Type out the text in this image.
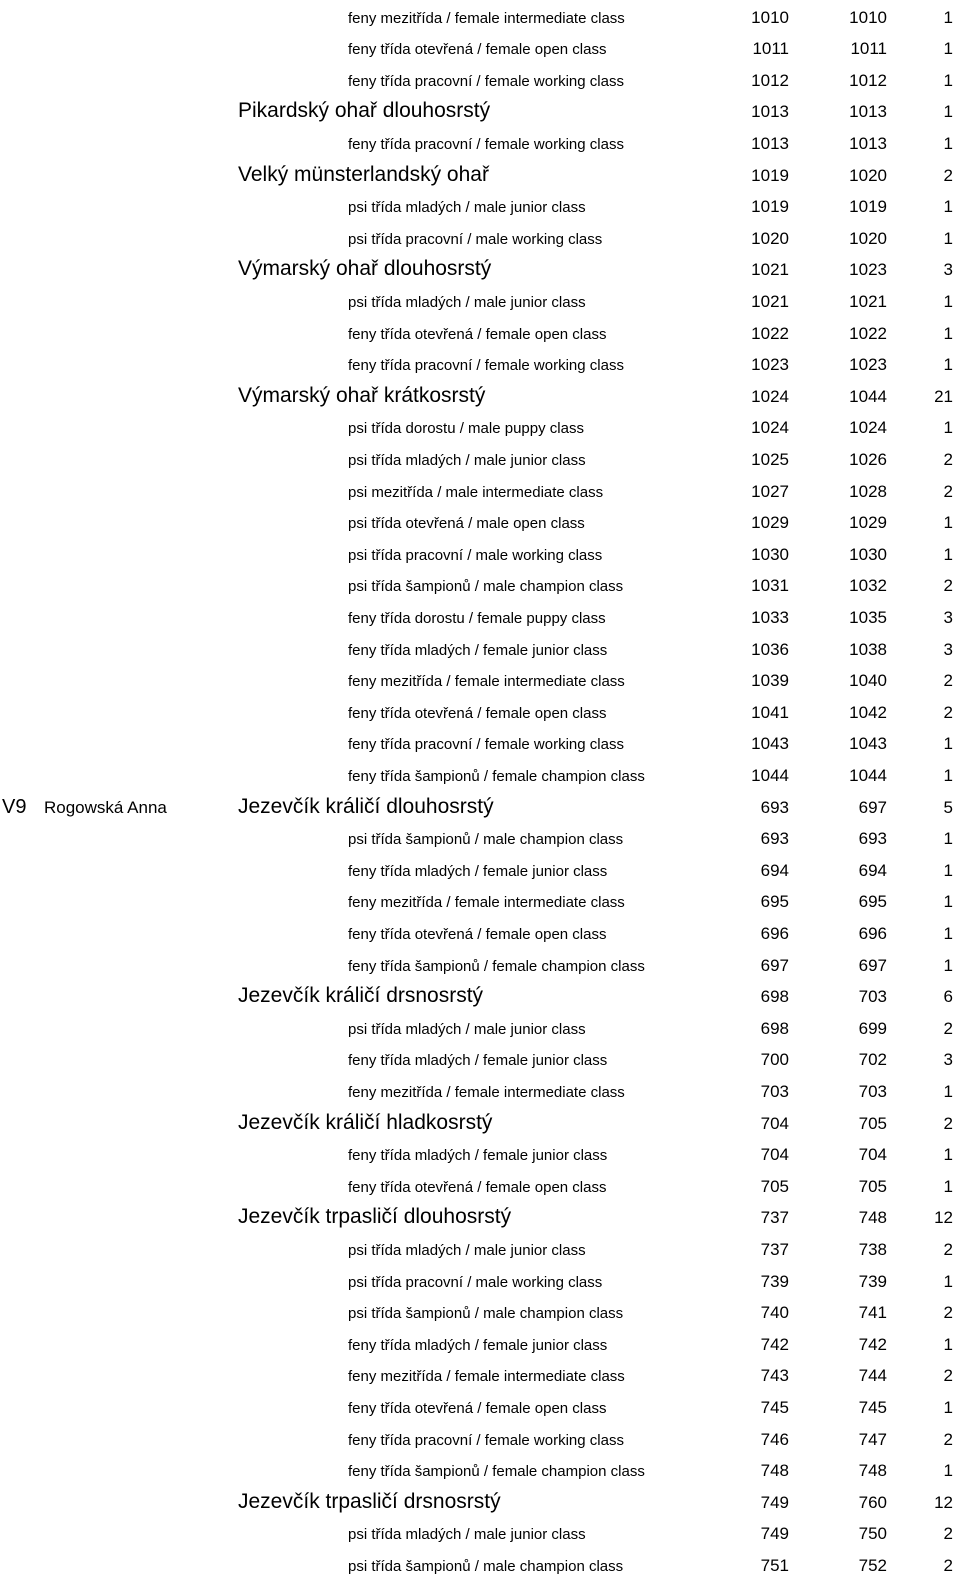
feny mezitřída / female intermediate class	1010	1010	1
feny třída otevřená / female open class	1011	1011	1
feny třída pracovní / female working class	1012	1012	1
Pikardský ohař dlouhosrstý	1013	1013	1
feny třída pracovní / female working class	1013	1013	1
Velký münsterlandský ohař	1019	1020	2
psi třída mladých / male junior class	1019	1019	1
psi třída pracovní / male working class	1020	1020	1
Výmarský ohař dlouhosrstý	1021	1023	3
psi třída mladých / male junior class	1021	1021	1
feny třída otevřená / female open class	1022	1022	1
feny třída pracovní / female working class	1023	1023	1
Výmarský ohař krátkosrstý	1024	1044	21
psi třída dorostu / male puppy class	1024	1024	1
psi třída mladých / male junior class	1025	1026	2
psi mezitřída / male intermediate class	1027	1028	2
psi třída otevřená / male open class	1029	1029	1
psi třída pracovní / male working class	1030	1030	1
psi třída šampionů / male champion class	1031	1032	2
feny třída dorostu / female puppy class	1033	1035	3
feny třída mladých / female junior class	1036	1038	3
feny mezitřída / female intermediate class	1039	1040	2
feny třída otevřená / female open class	1041	1042	2
feny třída pracovní / female working class	1043	1043	1
feny třída šampionů / female champion class	1044	1044	1
V9 Rogowská Anna	Jezevčík králičí dlouhosrstý	693	697	5
psi třída šampionů / male champion class	693	693	1
feny třída mladých / female junior class	694	694	1
feny mezitřída / female intermediate class	695	695	1
feny třída otevřená / female open class	696	696	1
feny třída šampionů / female champion class	697	697	1
Jezevčík králičí drsnosrstý	698	703	6
psi třída mladých / male junior class	698	699	2
feny třída mladých / female junior class	700	702	3
feny mezitřída / female intermediate class	703	703	1
Jezevčík králičí hladkosrstý	704	705	2
feny třída mladých / female junior class	704	704	1
feny třída otevřená / female open class	705	705	1
Jezevčík trpasličí dlouhosrstý	737	748	12
psi třída mladých / male junior class	737	738	2
psi třída pracovní / male working class	739	739	1
psi třída šampionů / male champion class	740	741	2
feny třída mladých / female junior class	742	742	1
feny mezitřída / female intermediate class	743	744	2
feny třída otevřená / female open class	745	745	1
feny třída pracovní / female working class	746	747	2
feny třída šampionů / female champion class	748	748	1
Jezevčík trpasličí drsnosrstý	749	760	12
psi třída mladých / male junior class	749	750	2
psi třída šampionů / male champion class	751	752	2
